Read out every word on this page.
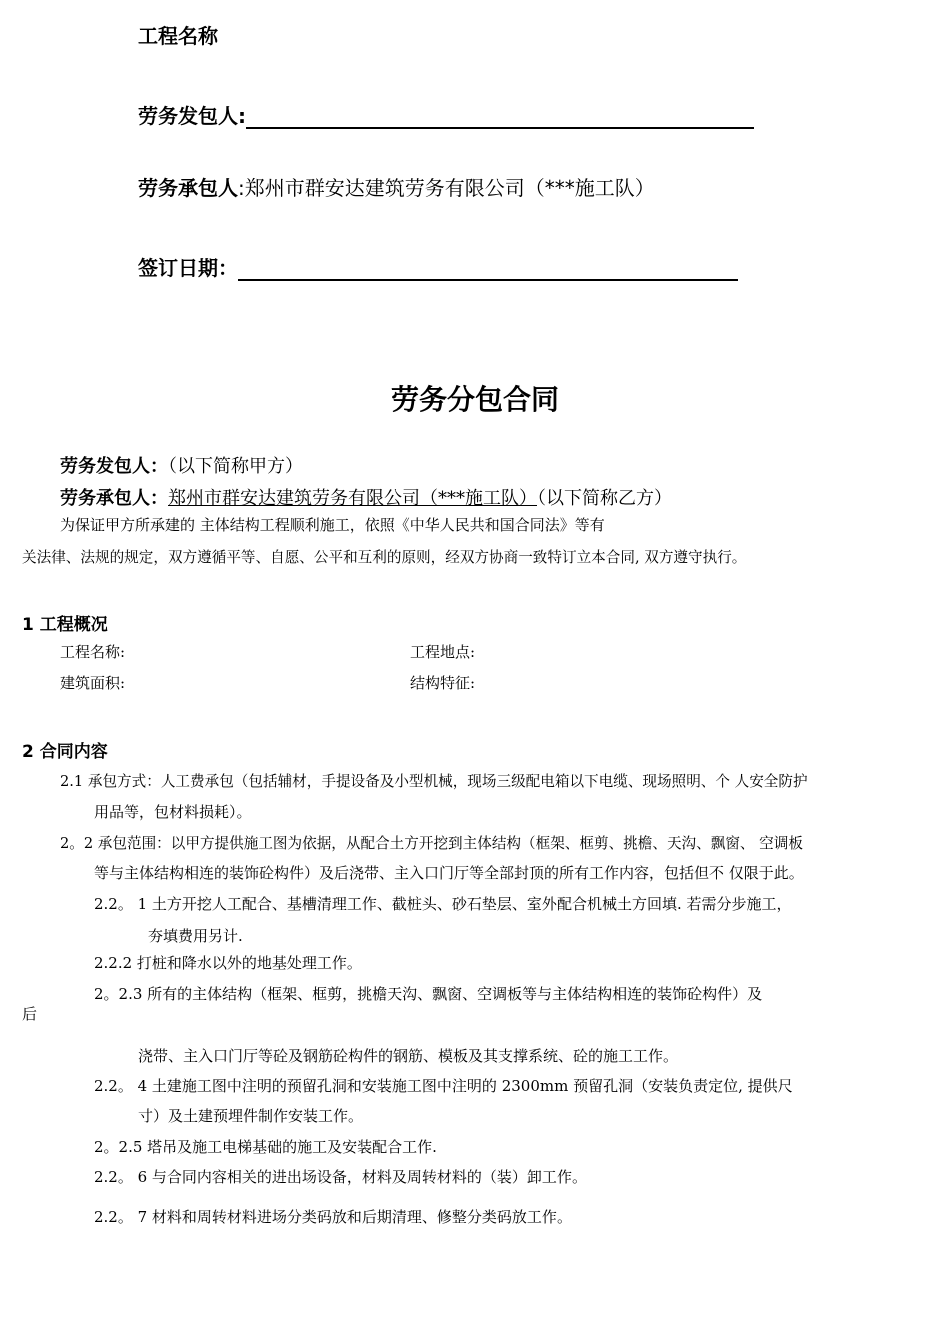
工程名称
劳务发包人:
劳务承包人:郑州市群安达建筑劳务有限公司（***施工队）
签订日期：
劳务分包合同
劳务发包人：（以下简称甲方）
劳务承包人：郑州市群安达建筑劳务有限公司（***施工队）（以下简称乙方）
为保证甲方所承建的 主体结构工程顺利施工，依照《中华人民共和国合同法》等有
关法律、法规的规定，双方遵循平等、自愿、公平和互利的原则，经双方协商一致特订立本合同, 双方遵守执行。
1 工程概况
工程名称:	工程地点:
建筑面积:	结构特征:
2 合同内容
2.1 承包方式：人工费承包（包括辅材，手提设备及小型机械，现场三级配电箱以下电缆、现场照明、个 人安全防护
用品等，包材料损耗）。
2。2 承包范围：以甲方提供施工图为依据，从配合土方开挖到主体结构（框架、框剪、挑檐、天沟、飘窗、 空调板
等与主体结构相连的装饰砼构件）及后浇带、主入口门厅等全部封顶的所有工作内容，包括但不 仅限于此。
2.2。 1 土方开挖人工配合、基槽清理工作、截桩头、砂石垫层、室外配合机械土方回填. 若需分步施工，
夯填费用另计.
2.2.2 打桩和降水以外的地基处理工作。
2。2.3 所有的主体结构（框架、框剪，挑檐天沟、飘窗、空调板等与主体结构相连的装饰砼构件）及
后
浇带、主入口门厅等砼及钢筋砼构件的钢筋、模板及其支撑系统、砼的施工工作。
2.2。 4 土建施工图中注明的预留孔洞和安装施工图中注明的 2300mm 预留孔洞（安装负责定位, 提供尺
寸）及土建预埋件制作安装工作。
2。2.5 塔吊及施工电梯基础的施工及安装配合工作.
2.2。 6 与合同内容相关的进出场设备，材料及周转材料的（装）卸工作。
2.2。 7 材料和周转材料进场分类码放和后期清理、修整分类码放工作。
